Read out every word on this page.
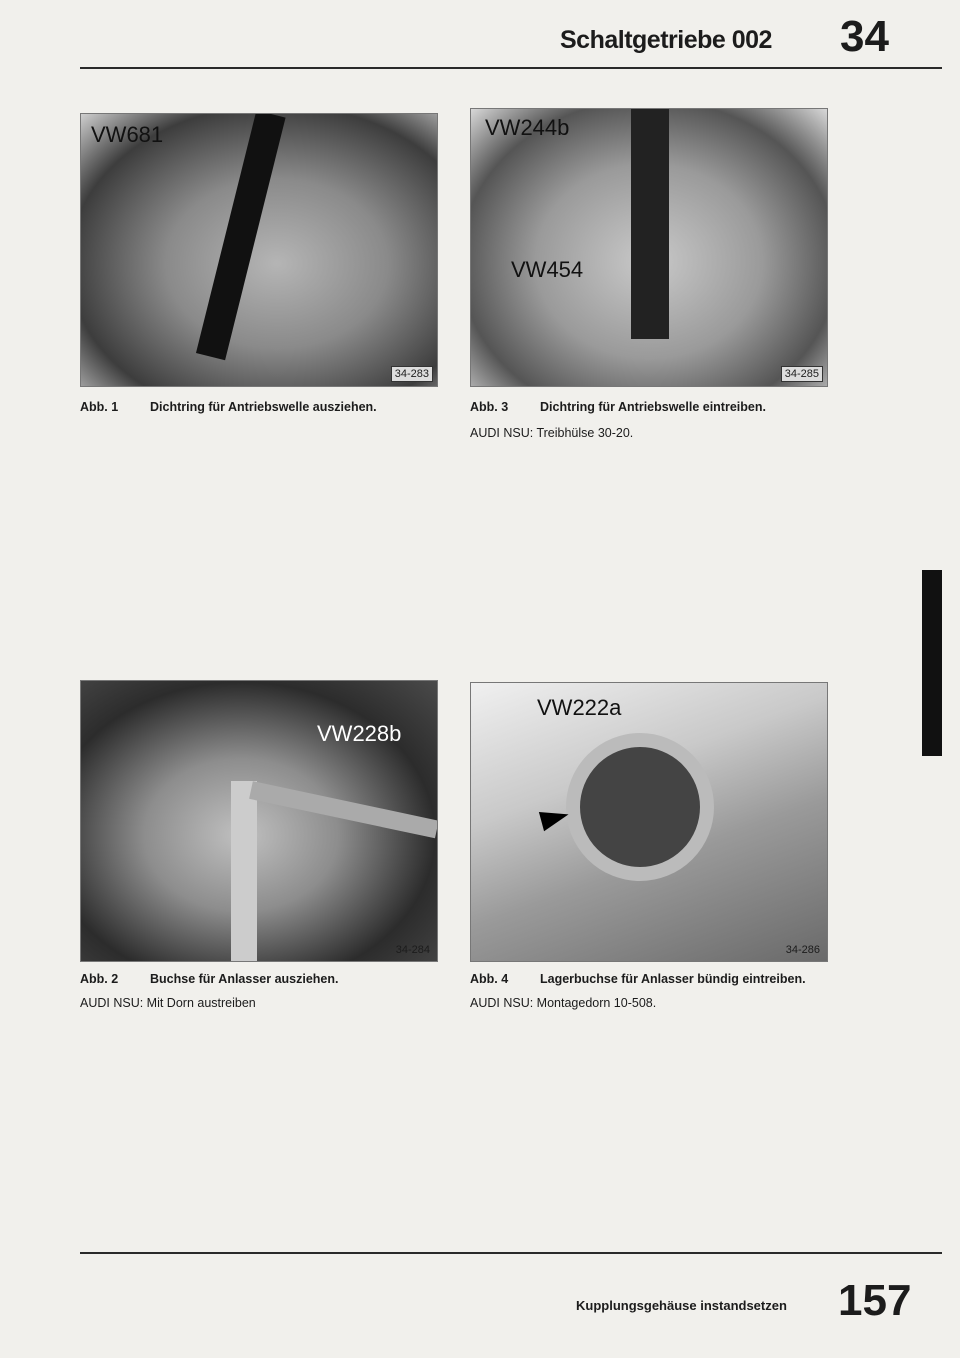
Schaltgetriebe 002 34
VW681
34-283
Abb. 1	Dichtring für Antriebswelle ausziehen.
VW244b
VW454
34-285
Abb. 3	Dichtring für Antriebswelle eintreiben.
AUDI NSU: Treibhülse 30-20.
VW228b
34-284
Abb. 2	Buchse für Anlasser ausziehen.
AUDI NSU: Mit Dorn austreiben
VW222a
34-286
Abb. 4	Lagerbuchse für Anlasser bündig eintreiben.
AUDI NSU: Montagedorn 10-508.
Kupplungsgehäuse instandsetzen 157
